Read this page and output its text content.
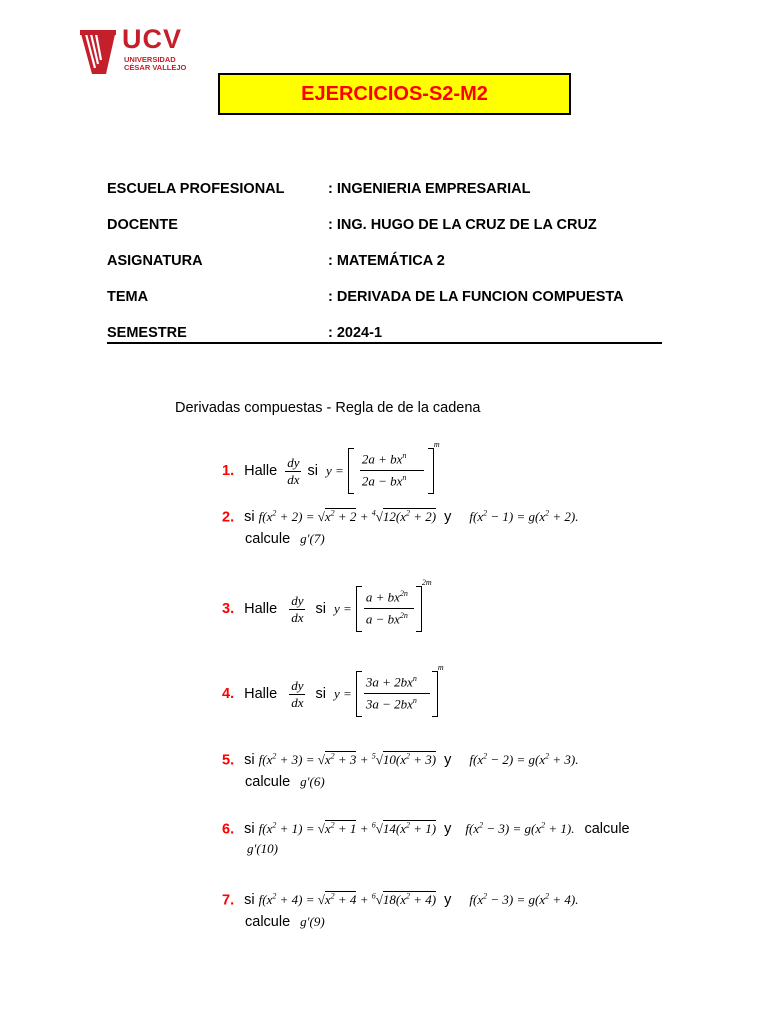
UCV
UNIVERSIDAD
CÉSAR VALLEJO
EJERCICIOS-S2-M2
ESCUELA PROFESIONAL	: INGENIERIA EMPRESARIAL
DOCENTE	: ING. HUGO DE LA CRUZ DE LA CRUZ
ASIGNATURA	: MATEMÁTICA 2
TEMA	: DERIVADA DE LA FUNCION COMPUESTA
SEMESTRE	: 2024-1
Derivadas compuestas - Regla de de la cadena
1. Halle $\frac{dy}{dx}$ si y =
$2a + bx^n$
$2a - bx^n$
$^m$
2. si $f(x^2 + 2) = √x^2 + 2 + ^4√12(x^2 + 2)$ y $f(x^2 - 1) = g(x^2 + 2)$.
calcule g′(7)
3. Halle $\frac{dy}{dx}$ si $y = \frac{a + bx^{2n}}{a - bx^{2n}}$
$^{2m}$
4. Halle $\frac{dy}{dx}$ si y =
$3a + 2bx^n$
$3a - 2bx^n$
$^m$
5. si $f(x^2 + 3) = √x^2 + 3 + ^5√10(x^2 + 3)$ y $f(x^2 - 2) = g(x^2 + 3)$.
calcule g′(6)
6. si $f(x^2 + 1) = √x^2 + 1 + ^6√14(x^2 + 1)$ y $f(x^2 - 3) = g(x^2 + 1)$. calcule
g′(10)
7. si $f(x^2 + 4) = √x^2 + 4 + ^6√18(x^2 + 4)$ y $f(x^2 - 3) = g(x^2 + 4)$.
calcule g′(9)
